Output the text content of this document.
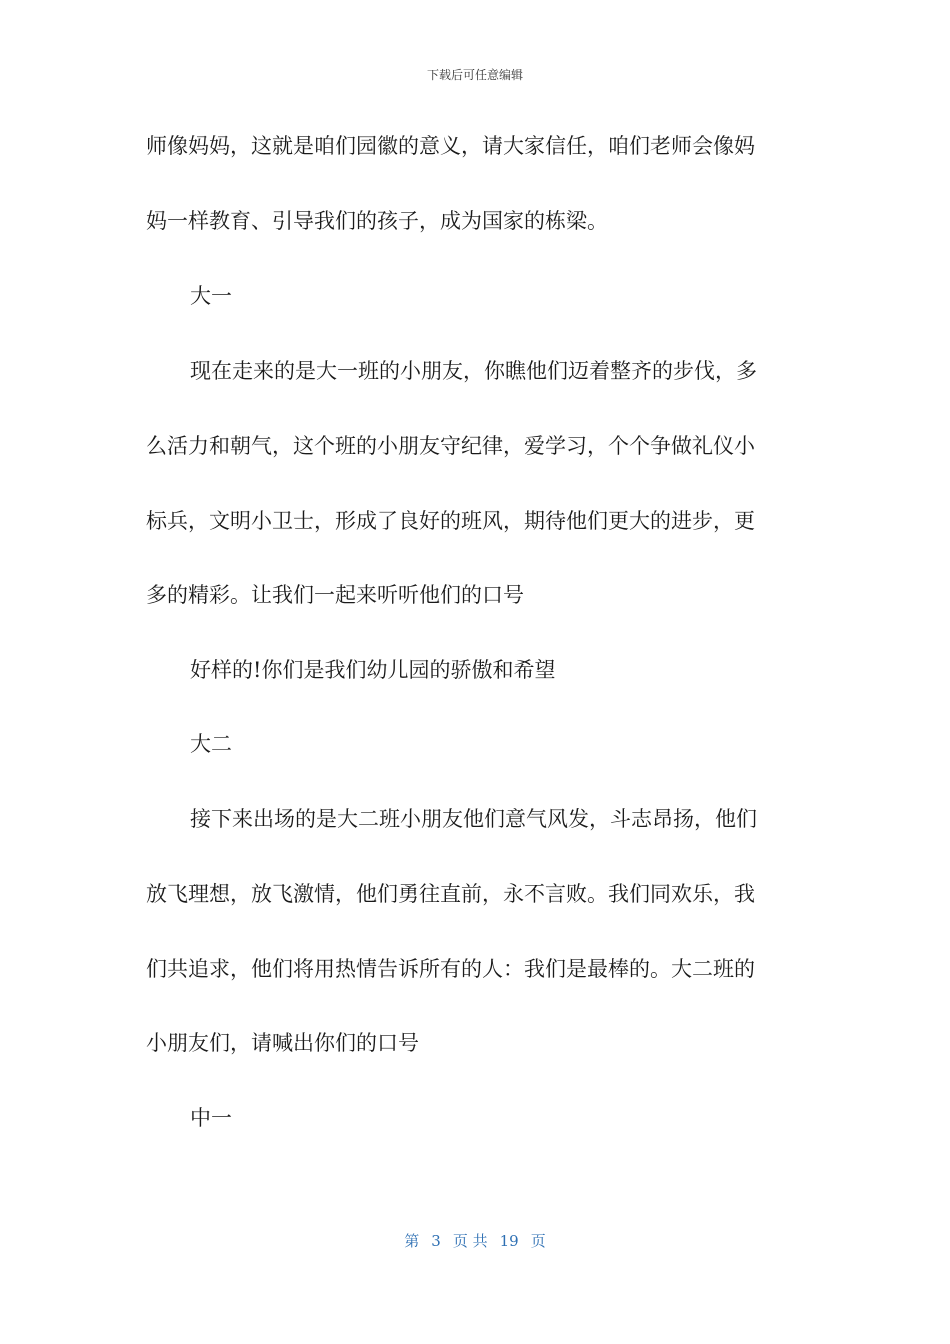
下载后可任意编辑
师像妈妈，这就是咱们园徽的意义，请大家信任，咱们老师会像妈
妈一样教育、引导我们的孩子，成为国家的栋梁。
大一
现在走来的是大一班的小朋友，你瞧他们迈着整齐的步伐，多
么活力和朝气，这个班的小朋友守纪律，爱学习，个个争做礼仪小
标兵，文明小卫士，形成了良好的班风，期待他们更大的进步，更
多的精彩。让我们一起来听听他们的口号
好样的!你们是我们幼儿园的骄傲和希望
大二
接下来出场的是大二班小朋友他们意气风发，斗志昂扬，他们
放飞理想，放飞激情，他们勇往直前，永不言败。我们同欢乐，我
们共追求，他们将用热情告诉所有的人：我们是最棒的。大二班的
小朋友们，请喊出你们的口号
中一
第 3 页 共 19 页
